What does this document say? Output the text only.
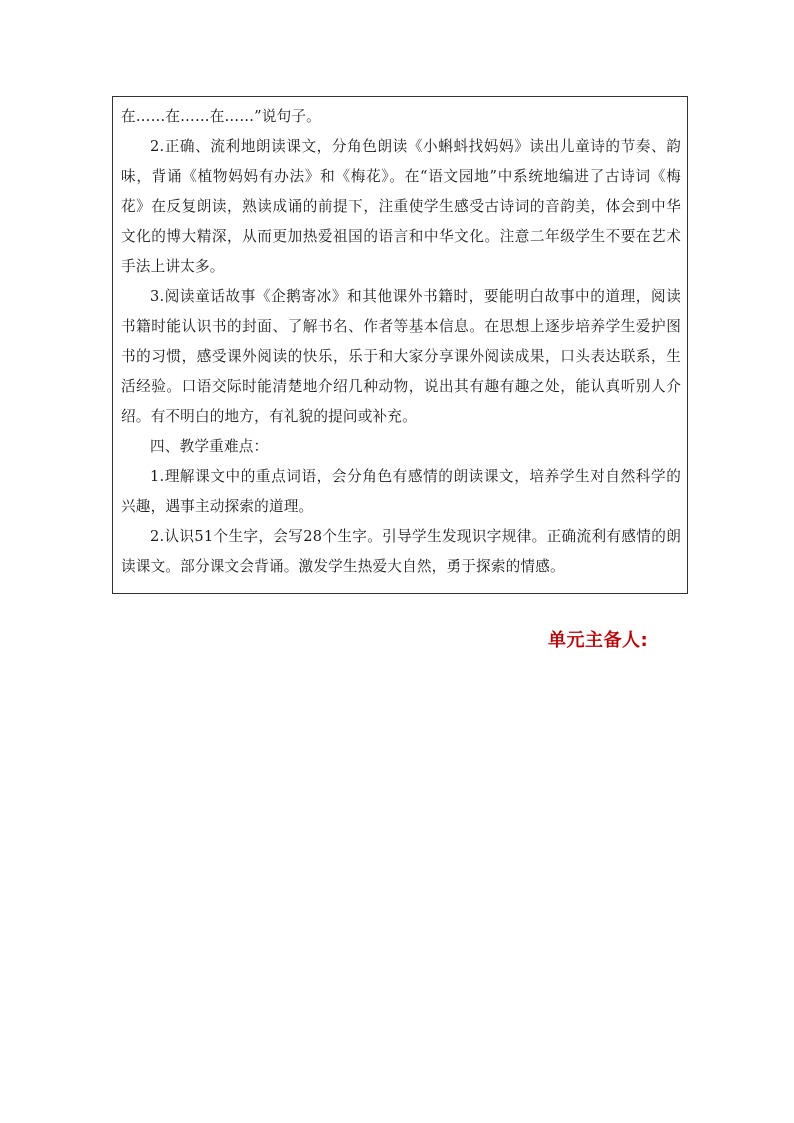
在……在……在……”说句子。

2.正确、流利地朗读课文，分角色朗读《小蝌蚪找妈妈》读出儿童诗的节奏、韵味，背诵《植物妈妈有办法》和《梅花》。在“语文园地”中系统地编进了古诗词《梅花》在反复朗读，熟读成诵的前提下，注重使学生感受古诗词的音韵美，体会到中华文化的博大精深，从而更加热爱祖国的语言和中华文化。注意二年级学生不要在艺术手法上讲太多。

3.阅读童话故事《企鹅寄冰》和其他课外书籍时，要能明白故事中的道理，阅读书籍时能认识书的封面、了解书名、作者等基本信息。在思想上逐步培养学生爱护图书的习惯，感受课外阅读的快乐，乐于和大家分享课外阅读成果，口头表达联系，生活经验。口语交际时能清楚地介绍几种动物，说出其有趣有趣之处，能认真听别人介绍。有不明白的地方，有礼貌的提问或补充。

四、教学重难点：

1.理解课文中的重点词语，会分角色有感情的朗读课文，培养学生对自然科学的兴趣，遇事主动探索的道理。

2.认识51个生字，会写28个生字。引导学生发现识字规律。正确流利有感情的朗读课文。部分课文会背诵。激发学生热爱大自然，勇于探索的情感。

单元主备人:
